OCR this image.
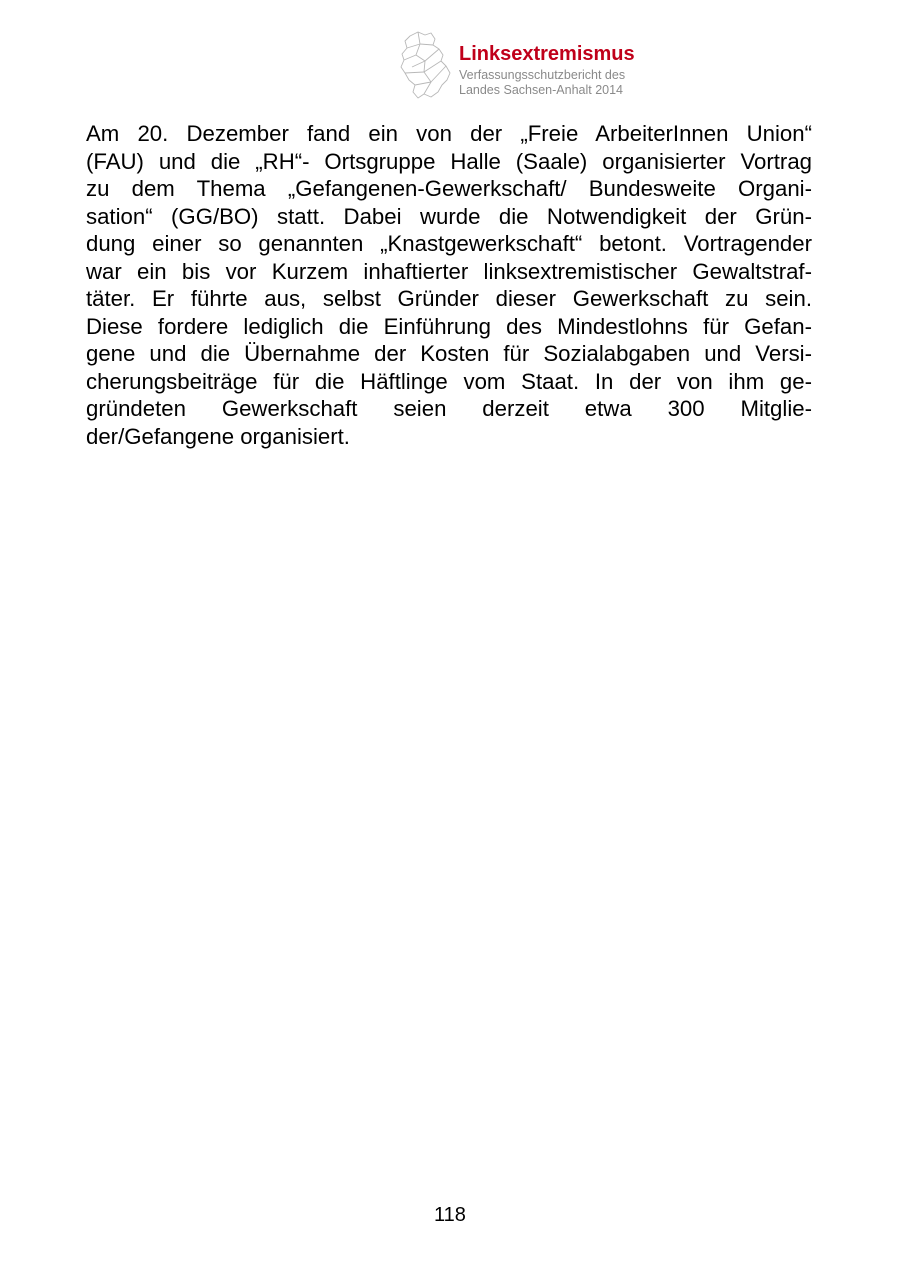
Linksextremismus
Verfassungsschutzbericht des
Landes Sachsen-Anhalt 2014
Am 20. Dezember fand ein von der „Freie ArbeiterInnen Union“
(FAU) und die „RH“- Ortsgruppe Halle (Saale) organisierter Vortrag
zu dem Thema „Gefangenen-Gewerkschaft/ Bundesweite Organi-
sation“ (GG/BO) statt. Dabei wurde die Notwendigkeit der Grün-
dung einer so genannten „Knastgewerkschaft“ betont. Vortragender
war ein bis vor Kurzem inhaftierter linksextremistischer Gewaltstraf-
täter. Er führte aus, selbst Gründer dieser Gewerkschaft zu sein.
Diese fordere lediglich die Einführung des Mindestlohns für Gefan-
gene und die Übernahme der Kosten für Sozialabgaben und Versi-
cherungsbeiträge für die Häftlinge vom Staat. In der von ihm ge-
gründeten Gewerkschaft seien derzeit etwa 300 Mitglie-
der/Gefangene organisiert.
118
